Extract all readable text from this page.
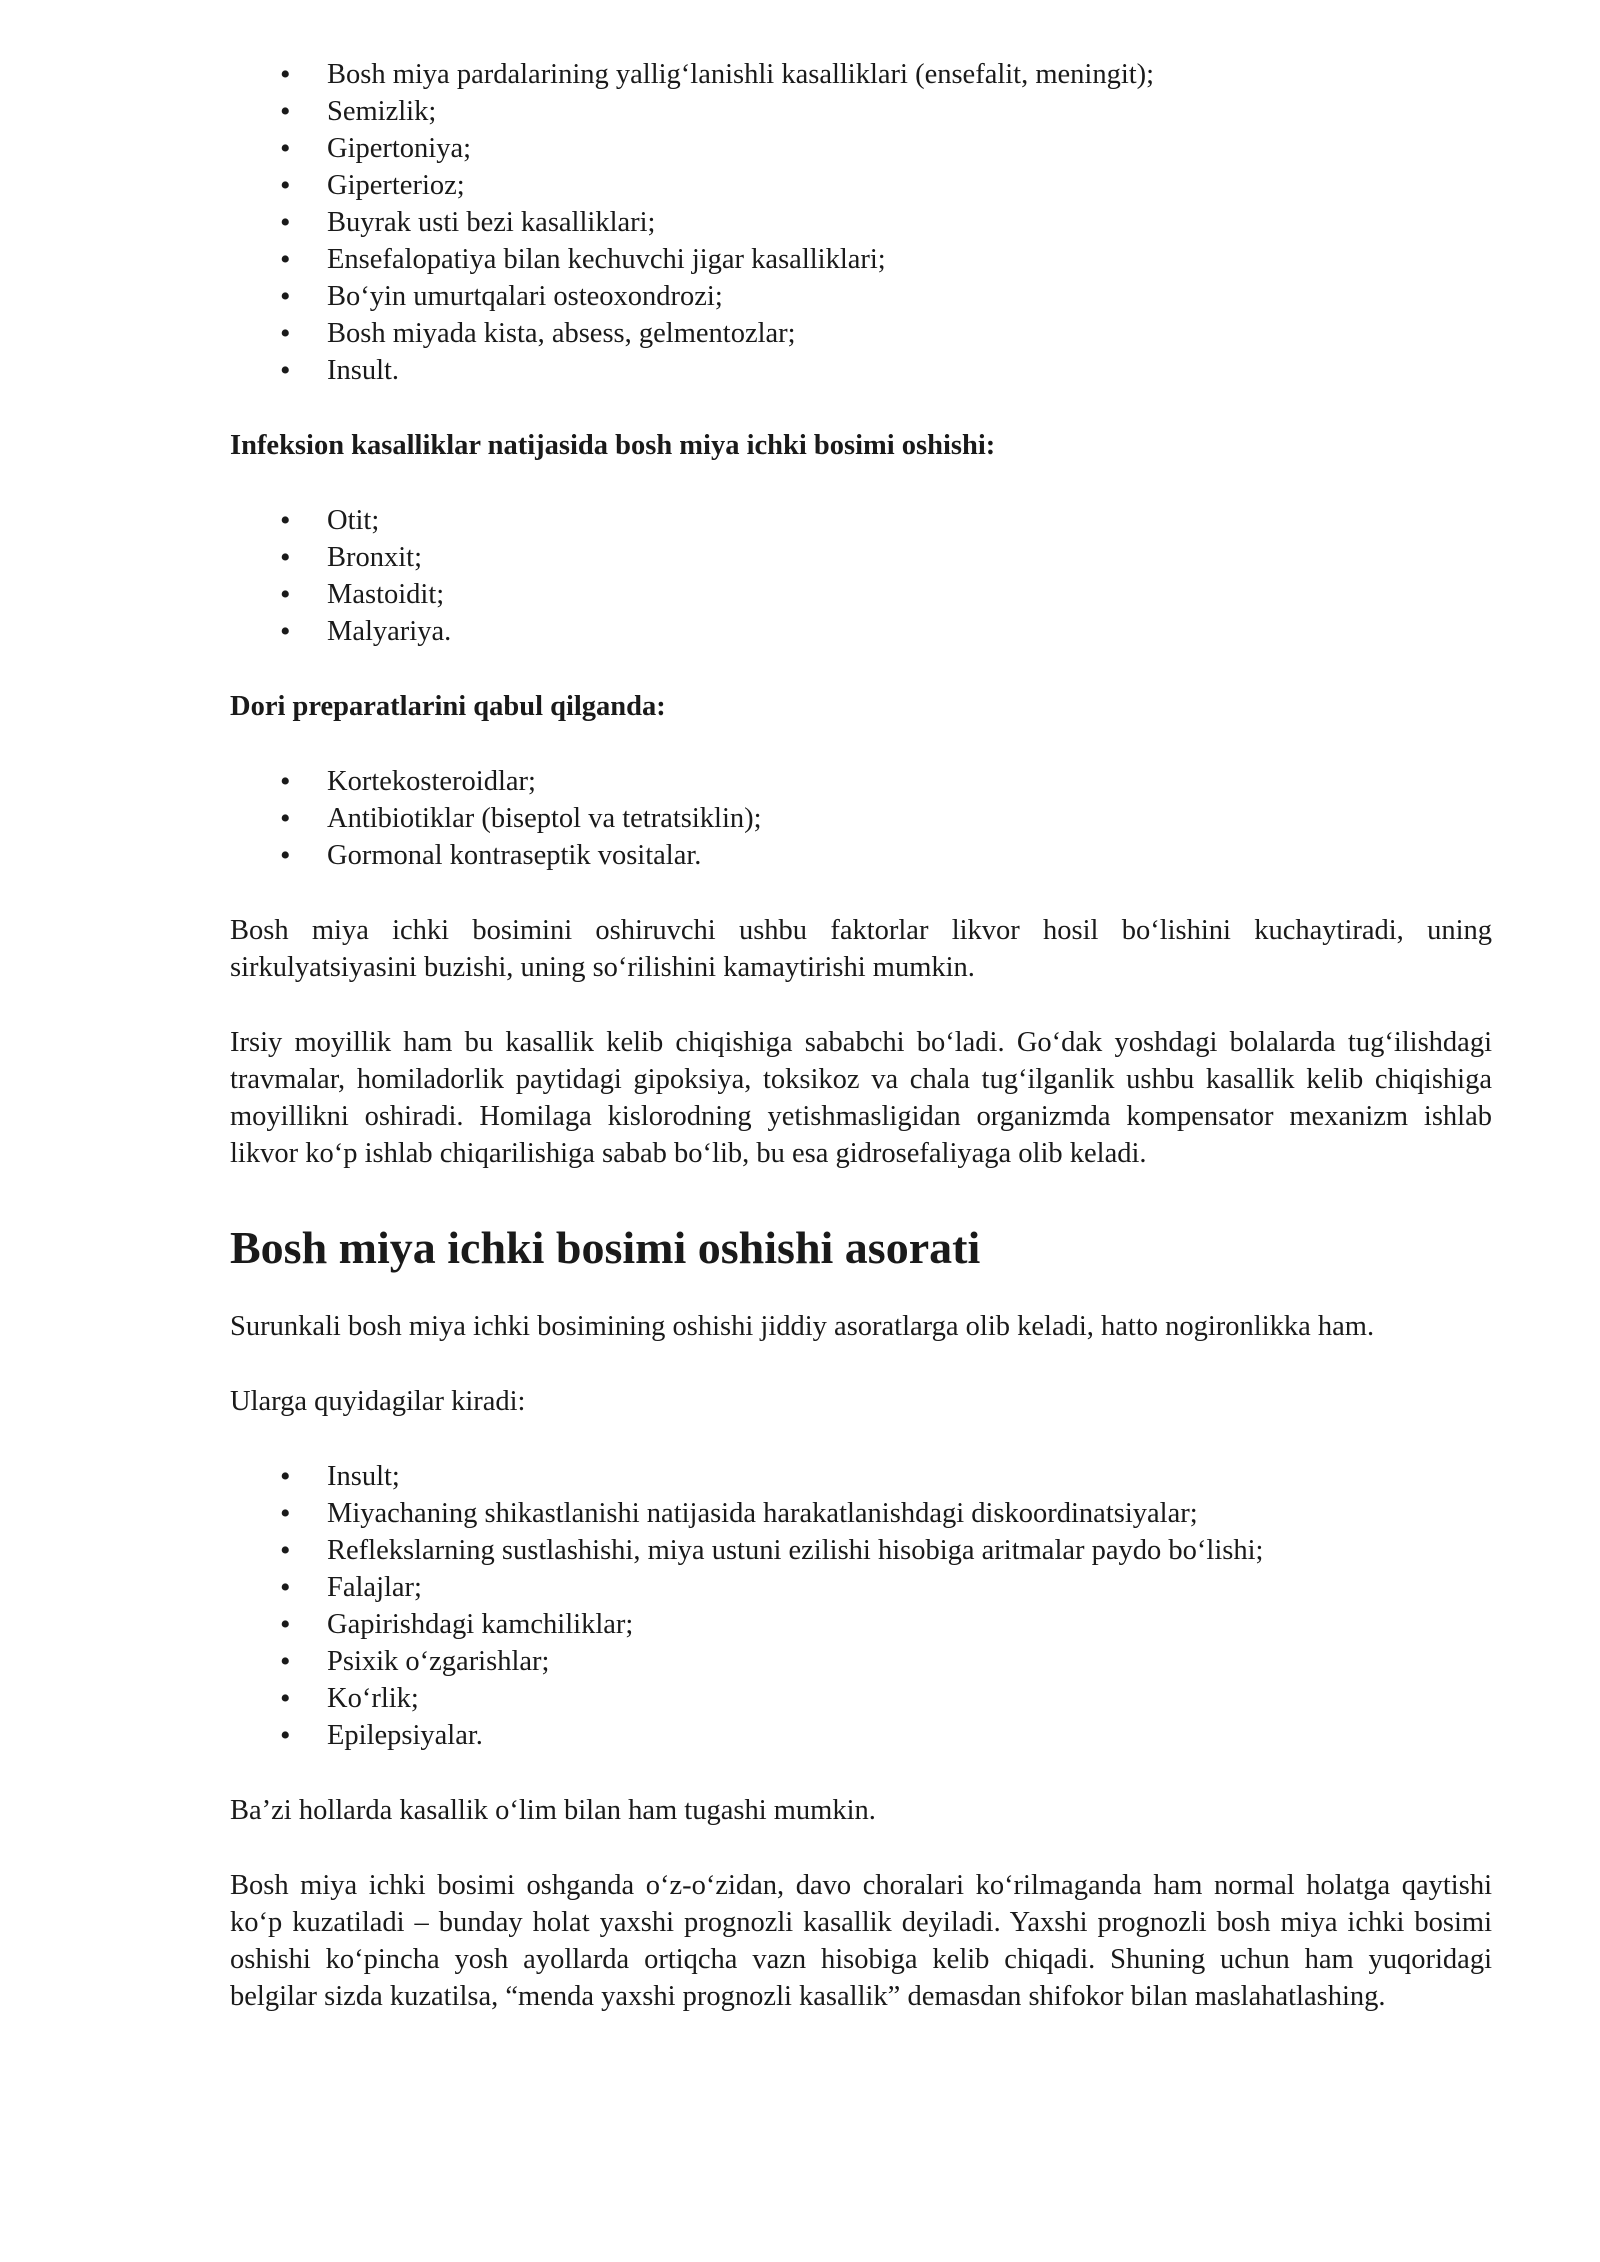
• Bosh miya pardalarining yallig‘lanishli kasalliklari (ensefalit, meningit);
• Semizlik;
• Gipertoniya;
• Giperterioz;
• Buyrak usti bezi kasalliklari;
• Ensefalopatiya bilan kechuvchi jigar kasalliklari;
• Bo‘yin umurtqalari osteoxondrozi;
• Bosh miyada kista, absess, gelmentozlar;
• Insult.

Infeksion kasalliklar natijasida bosh miya ichki bosimi oshishi:

• Otit;
• Bronxit;
• Mastoidit;
• Malyariya.

Dori preparatlarini qabul qilganda:

• Kortekosteroidlar;
• Antibiotiklar (biseptol va tetratsiklin);
• Gormonal kontraseptik vositalar.

Bosh miya ichki bosimini oshiruvchi ushbu faktorlar likvor hosil bo‘lishini kuchaytiradi, uning sirkulyatsiyasini buzishi, uning so‘rilishini kamaytirishi mumkin.

Irsiy moyillik ham bu kasallik kelib chiqishiga sababchi bo‘ladi. Go‘dak yoshdagi bolalarda tug‘ilishdagi travmalar, homiladorlik paytidagi gipoksiya, toksikoz va chala tug‘ilganlik ushbu kasallik kelib chiqishiga moyillikni oshiradi. Homilaga kislorodning yetishmasligidan organizmda kompensator mexanizm ishlab likvor ko‘p ishlab chiqarilishiga sabab bo‘lib, bu esa gidrosefaliyaga olib keladi.

Bosh miya ichki bosimi oshishi asorati

Surunkali bosh miya ichki bosimining oshishi jiddiy asoratlarga olib keladi, hatto nogironlikka ham.

Ularga quyidagilar kiradi:

• Insult;
• Miyachaning shikastlanishi natijasida harakatlanishdagi diskoordinatsiyalar;
• Reflekslarning sustlashishi, miya ustuni ezilishi hisobiga aritmalar paydo bo‘lishi;
• Falajlar;
• Gapirishdagi kamchiliklar;
• Psixik o‘zgarishlar;
• Ko‘rlik;
• Epilepsiyalar.

Ba’zi hollarda kasallik o‘lim bilan ham tugashi mumkin.

Bosh miya ichki bosimi oshganda o‘z-o‘zidan, davo choralari ko‘rilmaganda ham normal holatga qaytishi ko‘p kuzatiladi – bunday holat yaxshi prognozli kasallik deyiladi. Yaxshi prognozli bosh miya ichki bosimi oshishi ko‘pincha yosh ayollarda ortiqcha vazn hisobiga kelib chiqadi. Shuning uchun ham yuqoridagi belgilar sizda kuzatilsa, “menda yaxshi prognozli kasallik” demasdan shifokor bilan maslahatlashing.
